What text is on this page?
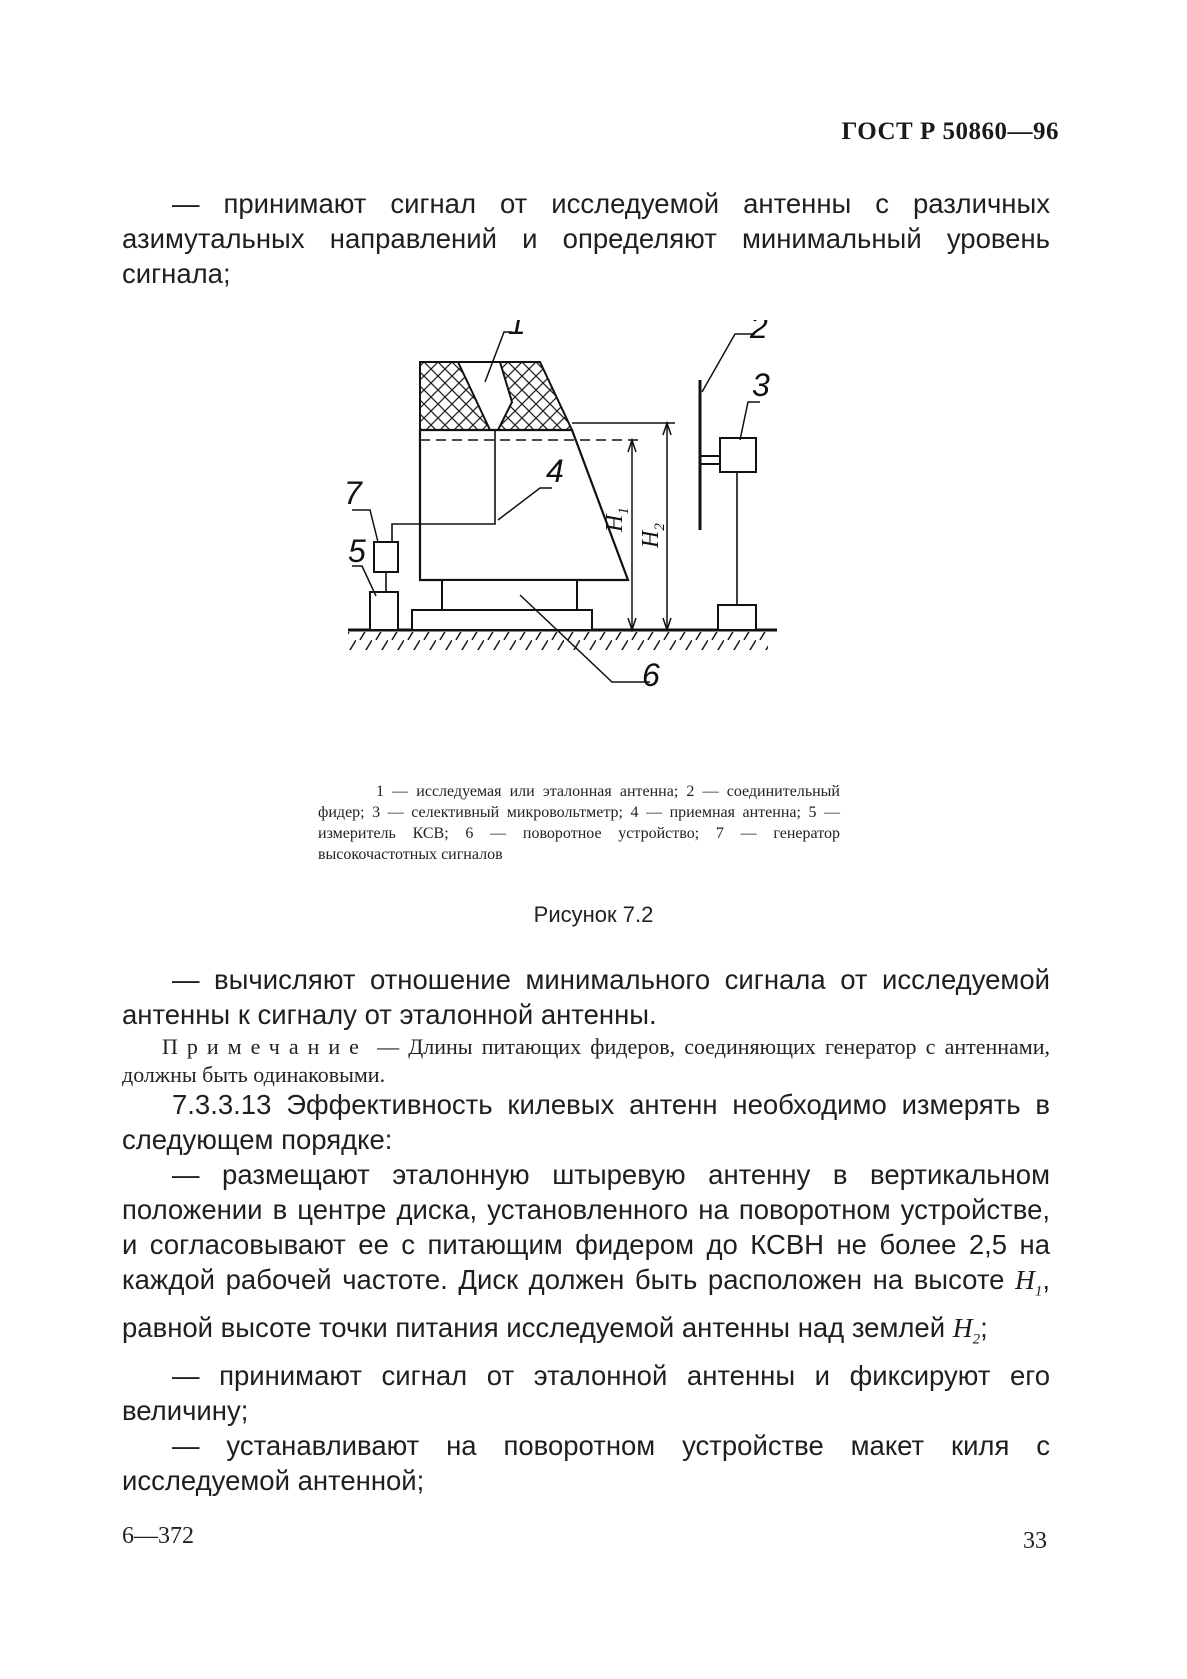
ГОСТ Р 50860—96
— принимают сигнал от исследуемой антенны с различных азимутальных направлений и определяют минимальный уровень сигнала;
1	2
3
4
5
6
7
$H_1$
$H_2$
1 — исследуемая или эталонная антенна; 2 — соединительный фидер; 3 — селективный микровольтметр; 4 — приемная антенна; 5 — измеритель КСВ; 6 — поворотное устройство; 7 — генератор высокочастотных сигналов
Рисунок 7.2
— вычисляют отношение минимального сигнала от исследуемой антенны к сигналу от эталонной антенны.
Примечание — Длины питающих фидеров, соединяющих генератор с антеннами, должны быть одинаковыми.
7.3.3.13 Эффективность килевых антенн необходимо измерять в следующем порядке:
— размещают эталонную штыревую антенну в вертикальном положении в центре диска, установленного на поворотном устройстве, и согласовывают ее с питающим фидером до КСВН не более 2,5 на каждой рабочей частоте. Диск должен быть расположен на высоте $H_1$, равной высоте точки питания исследуемой антенны над землей $H_2$;
— принимают сигнал от эталонной антенны и фиксируют его величину;
— устанавливают на поворотном устройстве макет киля с исследуемой антенной;
6—372	33
